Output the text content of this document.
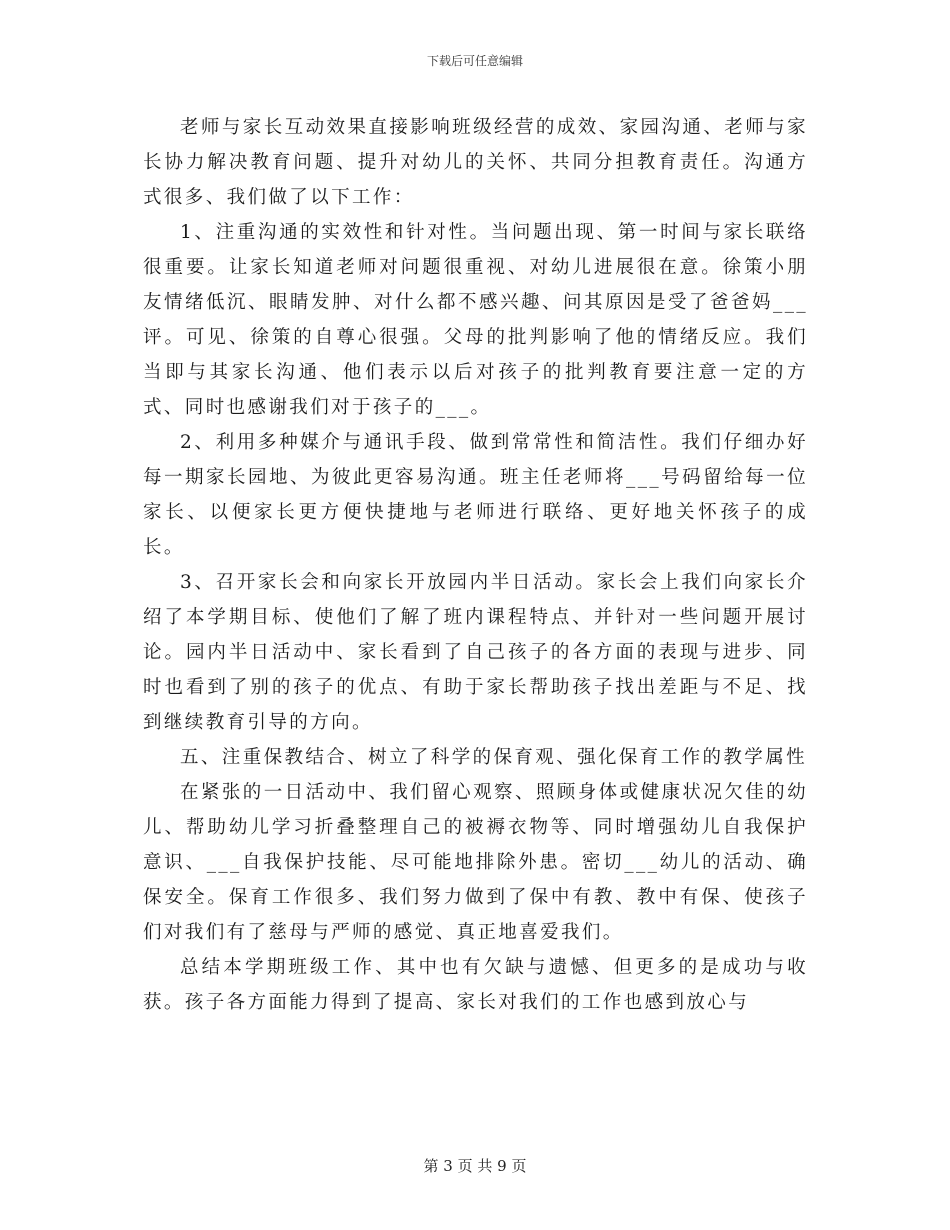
下载后可任意编辑

老师与家长互动效果直接影响班级经营的成效、家园沟通、老师与家长协力解决教育问题、提升对幼儿的关怀、共同分担教育责任。沟通方式很多、我们做了以下工作：

1、注重沟通的实效性和针对性。当问题出现、第一时间与家长联络很重要。让家长知道老师对问题很重视、对幼儿进展很在意。徐策小朋友情绪低沉、眼睛发肿、对什么都不感兴趣、问其原因是受了爸爸妈___评。可见、徐策的自尊心很强。父母的批判影响了他的情绪反应。我们当即与其家长沟通、他们表示以后对孩子的批判教育要注意一定的方式、同时也感谢我们对于孩子的___。

2、利用多种媒介与通讯手段、做到常常性和简洁性。我们仔细办好每一期家长园地、为彼此更容易沟通。班主任老师将___号码留给每一位家长、以便家长更方便快捷地与老师进行联络、更好地关怀孩子的成长。

3、召开家长会和向家长开放园内半日活动。家长会上我们向家长介绍了本学期目标、使他们了解了班内课程特点、并针对一些问题开展讨论。园内半日活动中、家长看到了自己孩子的各方面的表现与进步、同时也看到了别的孩子的优点、有助于家长帮助孩子找出差距与不足、找到继续教育引导的方向。

五、注重保教结合、树立了科学的保育观、强化保育工作的教学属性

在紧张的一日活动中、我们留心观察、照顾身体或健康状况欠佳的幼儿、帮助幼儿学习折叠整理自己的被褥衣物等、同时增强幼儿自我保护意识、___自我保护技能、尽可能地排除外患。密切___幼儿的活动、确保安全。保育工作很多、我们努力做到了保中有教、教中有保、使孩子们对我们有了慈母与严师的感觉、真正地喜爱我们。

总结本学期班级工作、其中也有欠缺与遗憾、但更多的是成功与收获。孩子各方面能力得到了提高、家长对我们的工作也感到放心与

第 3 页 共 9 页
